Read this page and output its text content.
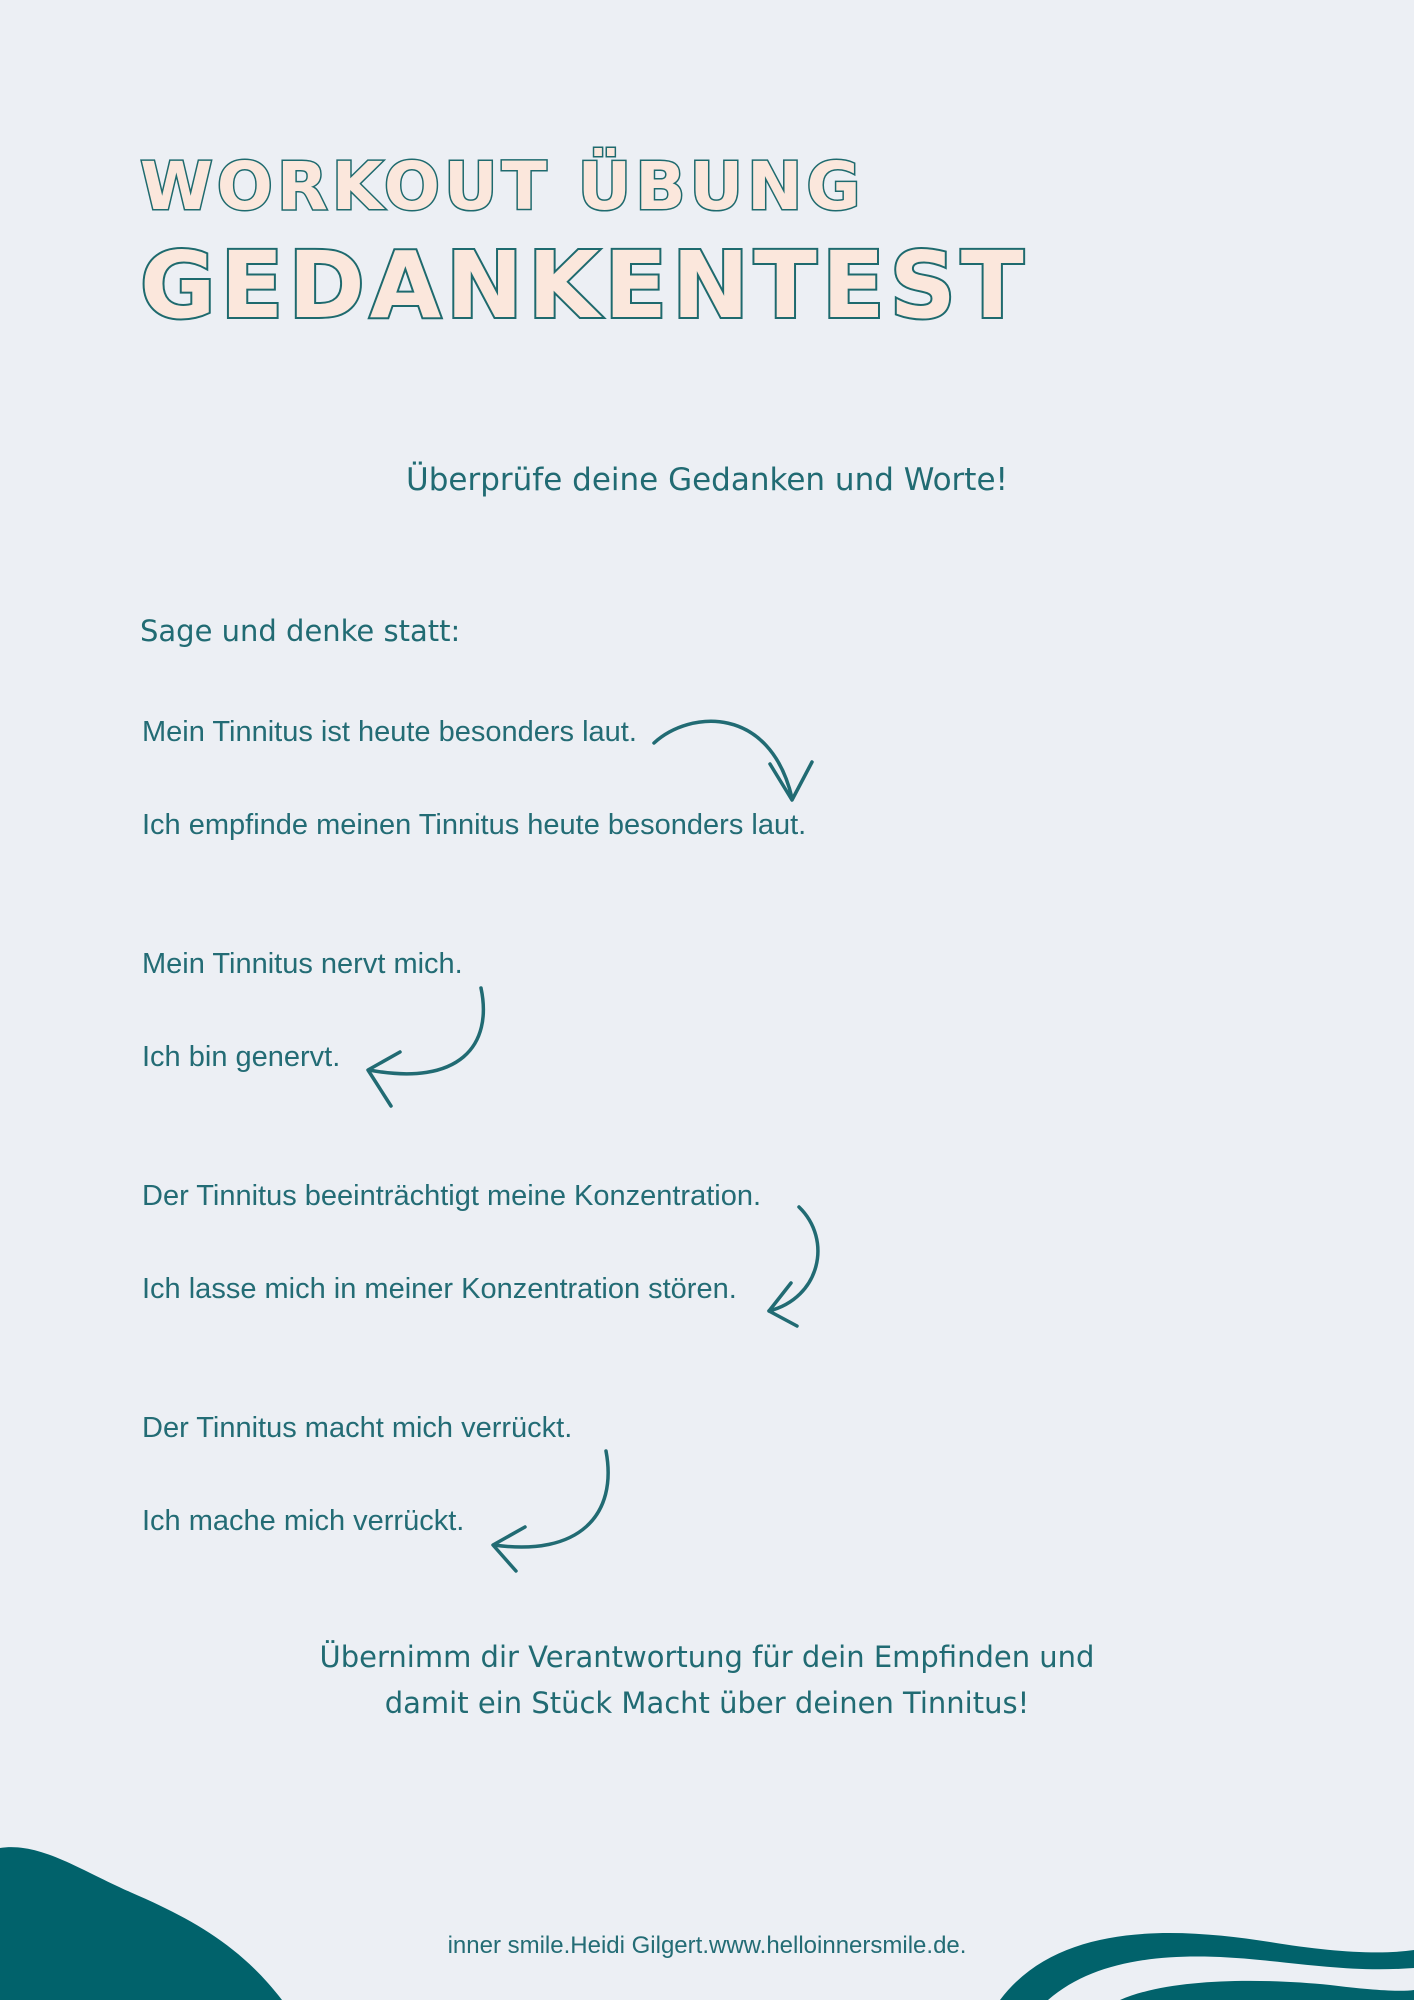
WORKOUT ÜBUNG
GEDANKENTEST

Überprüfe deine Gedanken und Worte!

Sage und denke statt:

Mein Tinnitus ist heute besonders laut.

Ich empfinde meinen Tinnitus heute besonders laut.

Mein Tinnitus nervt mich.

Ich bin genervt.

Der Tinnitus beeinträchtigt meine Konzentration.

Ich lasse mich in meiner Konzentration stören.

Der Tinnitus macht mich verrückt.

Ich mache mich verrückt.

Übernimm dir Verantwortung für dein Empfinden und
damit ein Stück Macht über deinen Tinnitus!

inner smile.Heidi Gilgert.www.helloinnersmile.de.
